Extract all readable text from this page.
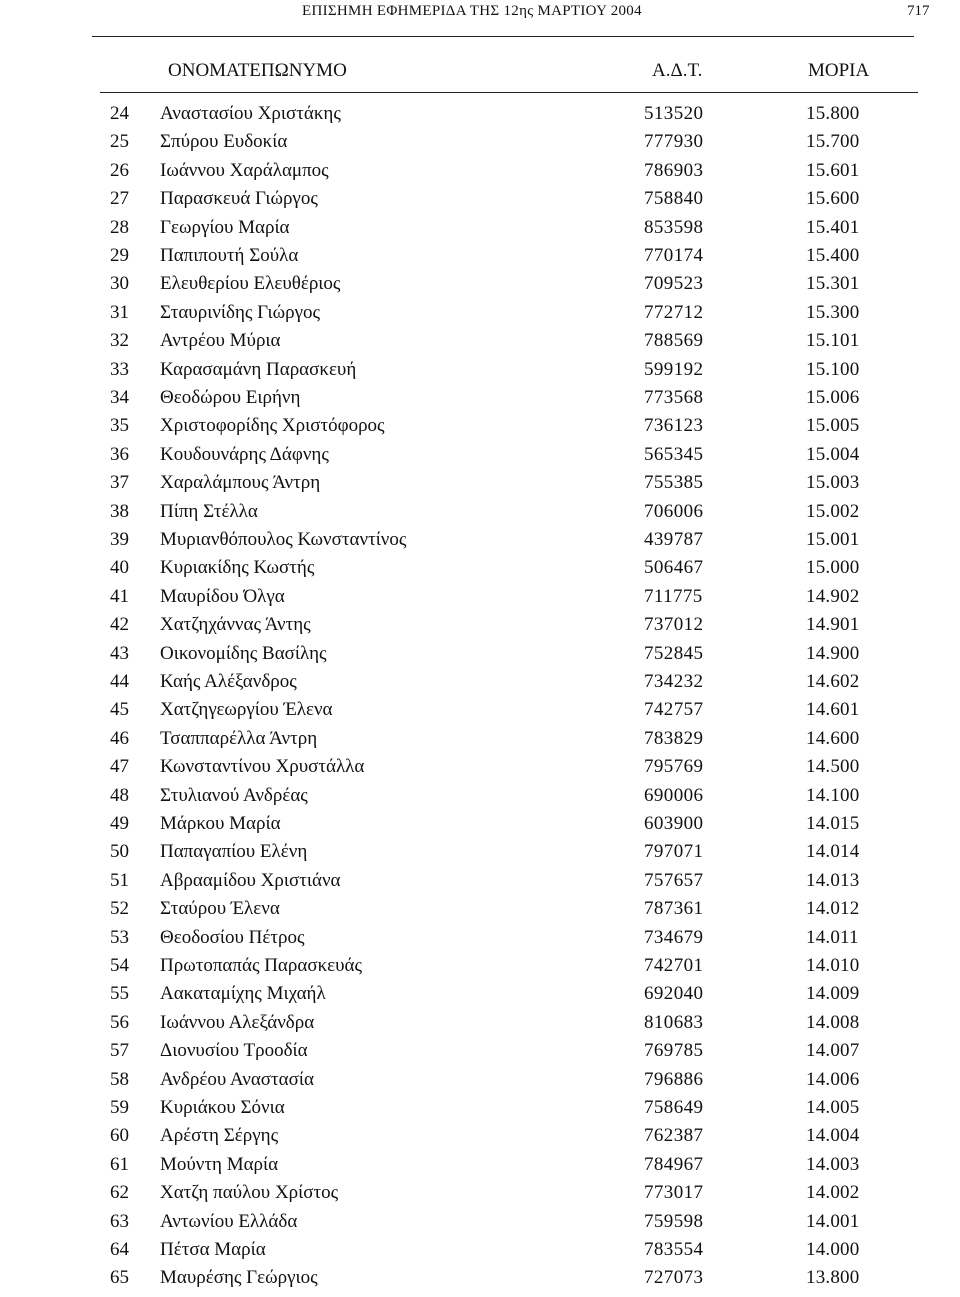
ΕΠΙΣΗΜΗ ΕΦΗΜΕΡΙΔΑ ΤΗΣ 12ης ΜΑΡΤΙΟΥ 2004	717
ΟΝΟΜΑΤΕΠΩΝΥΜΟ	Α.Δ.Τ.	ΜΟΡΙΑ
24	Αναστασίου Χριστάκης	513520	15.800
25	Σπύρου Ευδοκία	777930	15.700
26	Ιωάννου Χαράλαμπος	786903	15.601
27	Παρασκευά Γιώργος	758840	15.600
28	Γεωργίου Μαρία	853598	15.401
29	Παπιπουτή Σούλα	770174	15.400
30	Ελευθερίου Ελευθέριος	709523	15.301
31	Σταυρινίδης Γιώργος	772712	15.300
32	Αντρέου Μύρια	788569	15.101
33	Καρασαμάνη Παρασκευή	599192	15.100
34	Θεοδώρου Ειρήνη	773568	15.006
35	Χριστοφορίδης Χριστόφορος	736123	15.005
36	Κουδουνάρης Δάφνης	565345	15.004
37	Χαραλάμπους Άντρη	755385	15.003
38	Πίπη Στέλλα	706006	15.002
39	Μυριανθόπουλος Κωνσταντίνος	439787	15.001
40	Κυριακίδης Κωστής	506467	15.000
41	Μαυρίδου Όλγα	711775	14.902
42	Χατζηχάννας Άντης	737012	14.901
43	Οικονομίδης Βασίλης	752845	14.900
44	Καής Αλέξανδρος	734232	14.602
45	Χατζηγεωργίου Έλενα	742757	14.601
46	Τσαππαρέλλα Άντρη	783829	14.600
47	Κωνσταντίνου Χρυστάλλα	795769	14.500
48	Στυλιανού Ανδρέας	690006	14.100
49	Μάρκου Μαρία	603900	14.015
50	Παπαγαπίου Ελένη	797071	14.014
51	Αβρααμίδου Χριστιάνα	757657	14.013
52	Σταύρου Έλενα	787361	14.012
53	Θεοδοσίου Πέτρος	734679	14.011
54	Πρωτοπαπάς Παρασκευάς	742701	14.010
55	Αακαταμίχης Μιχαήλ	692040	14.009
56	Ιωάννου Αλεξάνδρα	810683	14.008
57	Διονυσίου Τροοδία	769785	14.007
58	Ανδρέου Αναστασία	796886	14.006
59	Κυριάκου Σόνια	758649	14.005
60	Αρέστη Σέργης	762387	14.004
61	Μούντη Μαρία	784967	14.003
62	Χατζη παύλου Χρίστος	773017	14.002
63	Αντωνίου Ελλάδα	759598	14.001
64	Πέτσα Μαρία	783554	14.000
65	Μαυρέσης Γεώργιος	727073	13.800
